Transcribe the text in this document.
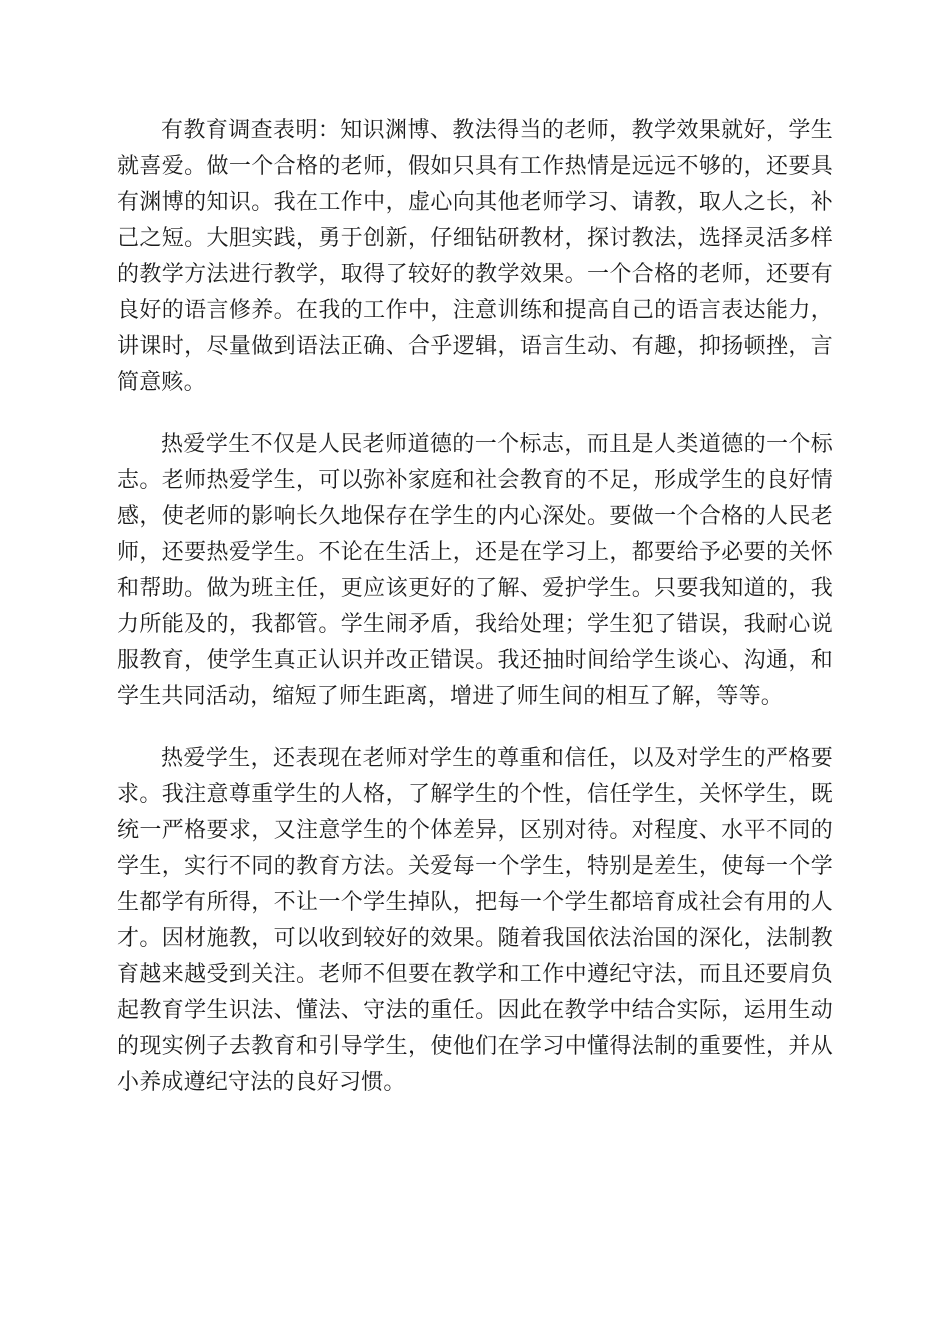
有教育调查表明：知识渊博、教法得当的老师，教学效果就好，学生就喜爱。做一个合格的老师，假如只具有工作热情是远远不够的，还要具有渊博的知识。我在工作中，虚心向其他老师学习、请教，取人之长，补己之短。大胆实践，勇于创新，仔细钻研教材，探讨教法，选择灵活多样的教学方法进行教学，取得了较好的教学效果。一个合格的老师，还要有良好的语言修养。在我的工作中，注意训练和提高自己的语言表达能力，讲课时，尽量做到语法正确、合乎逻辑，语言生动、有趣，抑扬顿挫，言简意赅。

热爱学生不仅是人民老师道德的一个标志，而且是人类道德的一个标志。老师热爱学生，可以弥补家庭和社会教育的不足，形成学生的良好情感，使老师的影响长久地保存在学生的内心深处。要做一个合格的人民老师，还要热爱学生。不论在生活上，还是在学习上，都要给予必要的关怀和帮助。做为班主任，更应该更好的了解、爱护学生。只要我知道的，我力所能及的，我都管。学生闹矛盾，我给处理；学生犯了错误，我耐心说服教育，使学生真正认识并改正错误。我还抽时间给学生谈心、沟通，和学生共同活动，缩短了师生距离，增进了师生间的相互了解，等等。

热爱学生，还表现在老师对学生的尊重和信任，以及对学生的严格要求。我注意尊重学生的人格，了解学生的个性，信任学生，关怀学生，既统一严格要求，又注意学生的个体差异，区别对待。对程度、水平不同的学生，实行不同的教育方法。关爱每一个学生，特别是差生，使每一个学生都学有所得，不让一个学生掉队，把每一个学生都培育成社会有用的人才。因材施教，可以收到较好的效果。随着我国依法治国的深化，法制教育越来越受到关注。老师不但要在教学和工作中遵纪守法，而且还要肩负起教育学生识法、懂法、守法的重任。因此在教学中结合实际，运用生动的现实例子去教育和引导学生，使他们在学习中懂得法制的重要性，并从小养成遵纪守法的良好习惯。
